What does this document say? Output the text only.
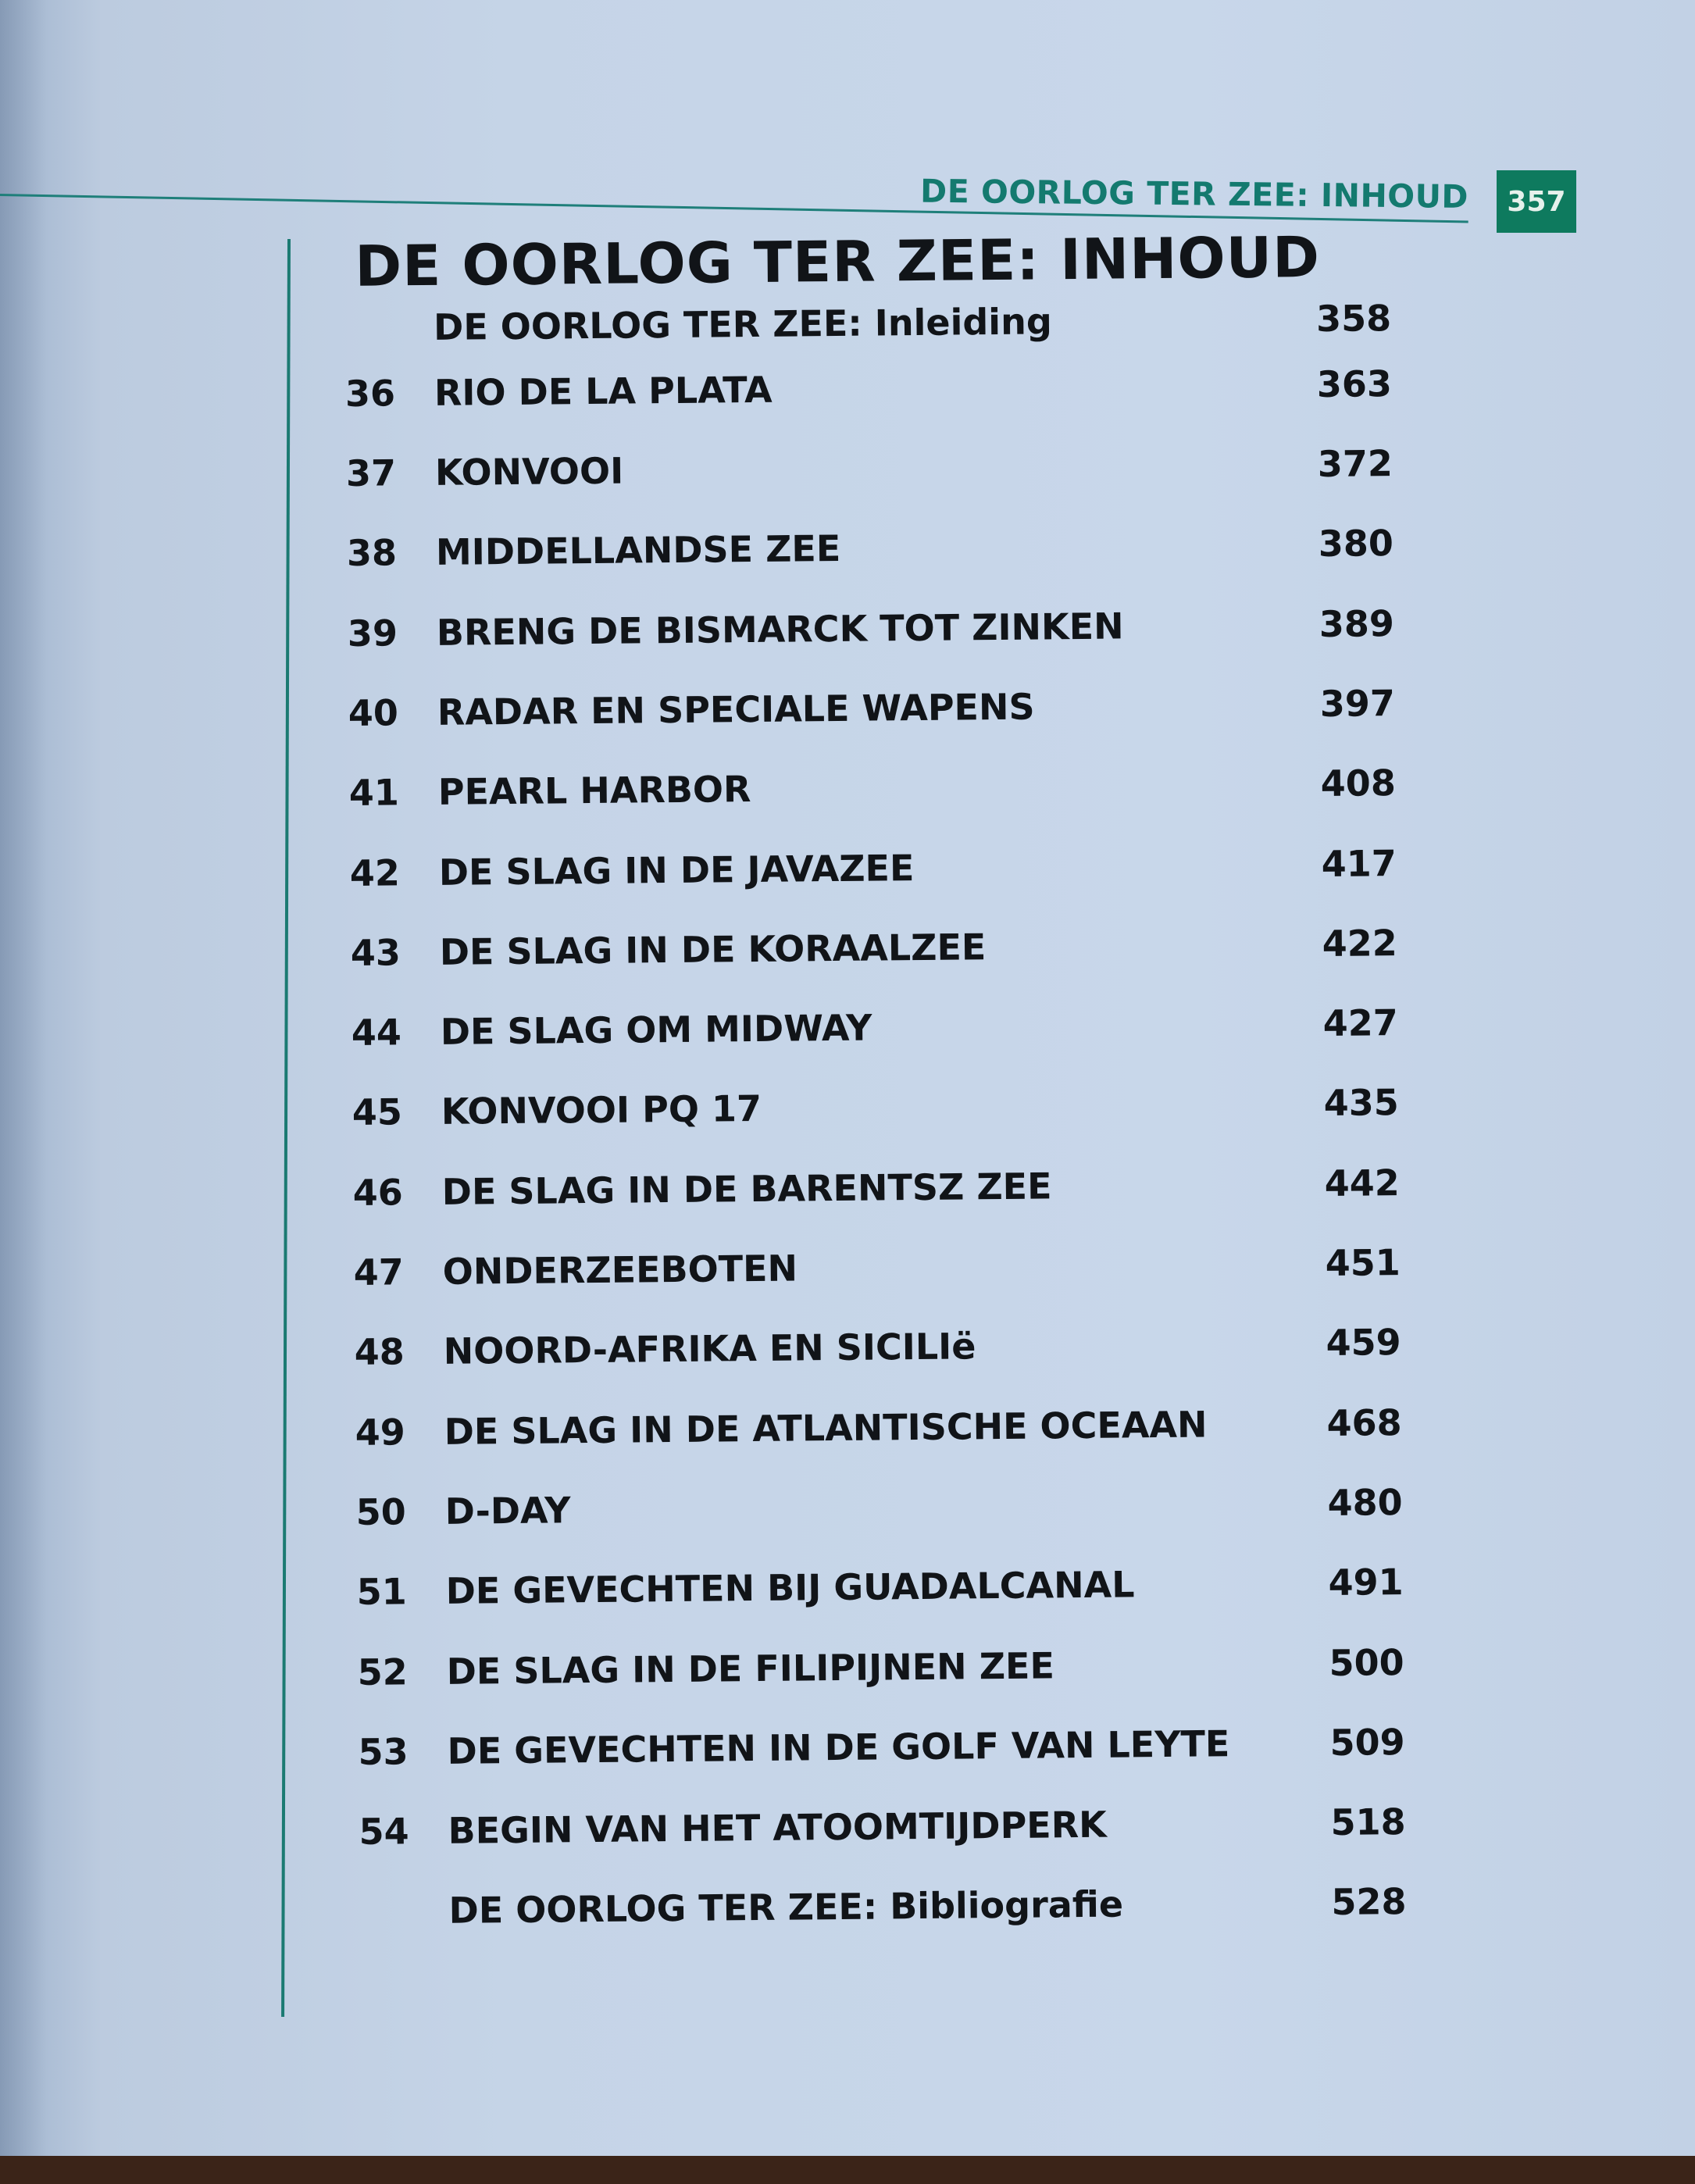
DE OORLOG TER ZEE: INHOUD	357
DE OORLOG TER ZEE: INHOUD
DE OORLOG TER ZEE: Inleiding	358
36	RIO DE LA PLATA	363
37	KONVOOI	372
38	MIDDELLANDSE ZEE	380
39	BRENG DE BISMARCK TOT ZINKEN	389
40	RADAR EN SPECIALE WAPENS	397
41	PEARL HARBOR	408
42	DE SLAG IN DE JAVAZEE	417
43	DE SLAG IN DE KORAALZEE	422
44	DE SLAG OM MIDWAY	427
45	KONVOOI PQ 17	435
46	DE SLAG IN DE BARENTSZ ZEE	442
47	ONDERZEEBOTEN	451
48	NOORD-AFRIKA EN SICILIë	459
49	DE SLAG IN DE ATLANTISCHE OCEAAN	468
50	D-DAY	480
51	DE GEVECHTEN BIJ GUADALCANAL	491
52	DE SLAG IN DE FILIPIJNEN ZEE	500
53	DE GEVECHTEN IN DE GOLF VAN LEYTE	509
54	BEGIN VAN HET ATOOMTIJDPERK	518
DE OORLOG TER ZEE: Bibliografie	528
